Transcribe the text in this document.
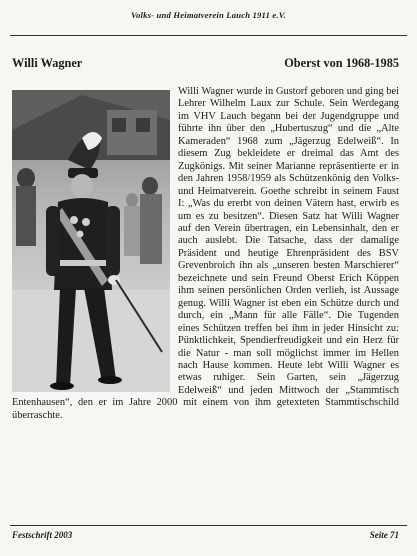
Volks- und Heimatverein Lauch 1911 e.V.
Willi Wagner	Oberst von 1968-1985
Willi Wagner wurde in Gustorf geboren und ging bei Lehrer Wilhelm Laux zur Schule. Sein Werdegang im VHV Lauch begann bei der Jugendgruppe und führte ihn über den „Hubertuszug“ und die „Alte Kameraden“ 1968 zum „Jägerzug Edelweiß“. In diesem Zug bekleidete er dreimal das Amt des Zugkönigs. Mit seiner Marianne repräsentierte er in den Jahren 1958/1959 als Schützenkönig den Volks- und Heimatverein. Goethe schreibt in seinem Faust I: „Was du ererbt von deinen Vätern hast, erwirb es um es zu besitzen“. Diesen Satz hat Willi Wagner auf den Verein übertragen, ein Lebensinhalt, den er auch auslebt. Die Tatsache, dass der damalige Präsident und heutige Ehrenpräsident des BSV Grevenbroich ihn als „unseren besten Marschierer“ bezeichnete und sein Freund Oberst Erich Köppen ihm seinen persönlichen Orden verlieh, ist Aussage genug. Willi Wagner ist eben ein Schütze durch und durch, ein „Mann für alle Fälle“. Die Tugenden eines Schützen treffen bei ihm in jeder Hinsicht zu: Pünktlichkeit, Spendierfreudigkeit und ein Herz für die Natur - man soll möglichst immer im Hellen nach Hause kommen. Heute lebt Willi Wagner es etwas ruhiger. Sein Garten, sein „Jägerzug Edelweiß“ und jeden Mittwoch der „Stammtisch Entenhausen“, den er im Jahre 2000 mit einem von ihm getexteten Stammtischschild überraschte.
Festschrift 2003	Seite 71
